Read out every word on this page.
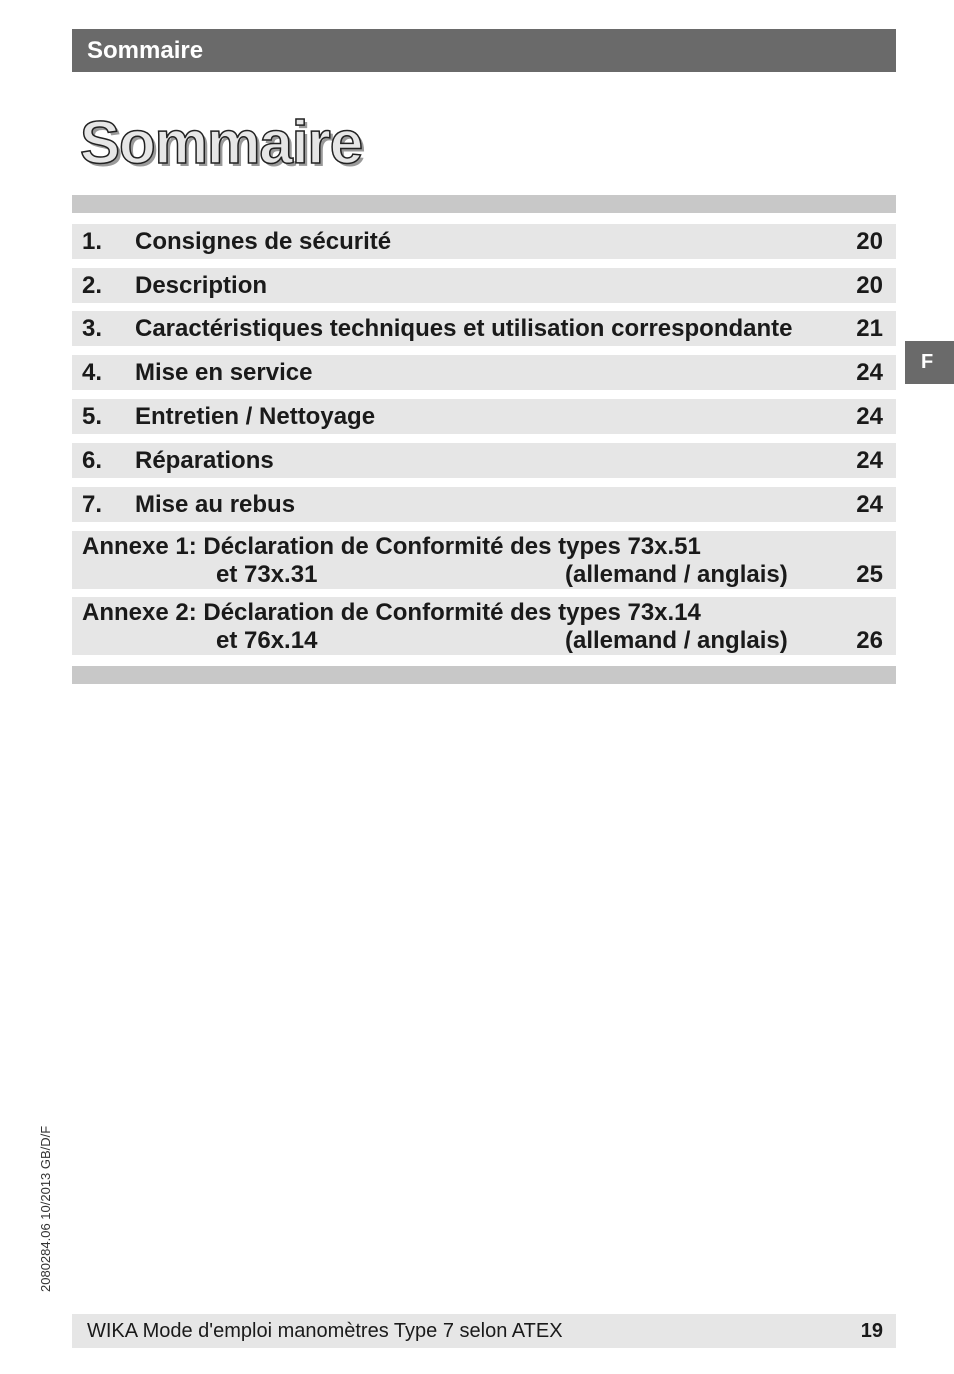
Sommaire
Sommaire
1. Consignes de sécurité	20
2. Description	20
3. Caractéristiques techniques et utilisation correspondante	21
4. Mise en service	24
5. Entretien / Nettoyage	24
6. Réparations	24
7. Mise au rebus	24
Annexe 1: Déclaration de Conformité des types 73x.51
et 73x.31	(allemand / anglais)	25
Annexe 2: Déclaration de Conformité des types 73x.14
et 76x.14	(allemand / anglais)	26
F
2080284.06 10/2013 GB/D/F
WIKA Mode d'emploi manomètres Type 7 selon ATEX	19
